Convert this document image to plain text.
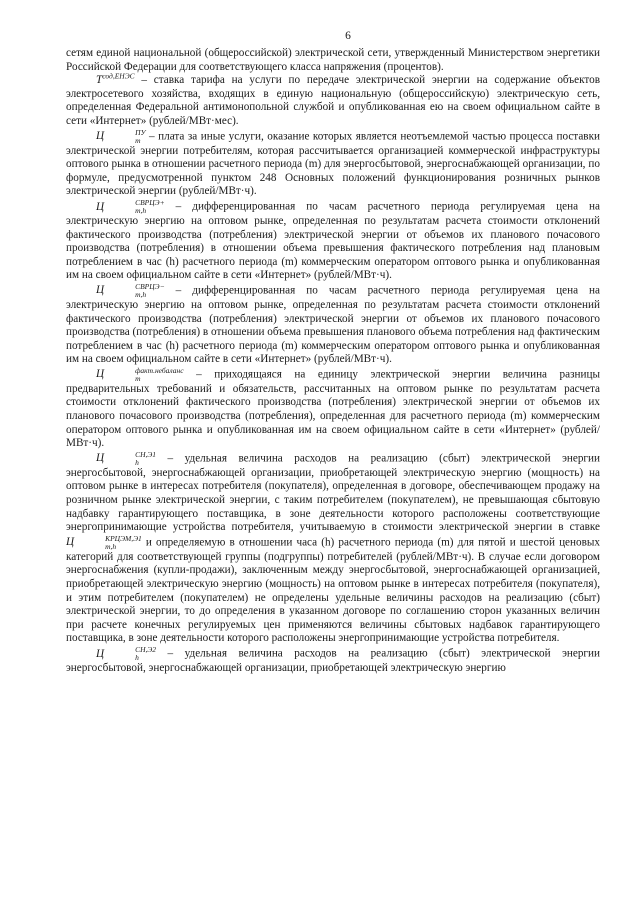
6

сетям единой национальной (общероссийской) электрической сети, утвержденный Министерством энергетики Российской Федерации для соответствующего класса напряжения (процентов).

$Т^{сод,ЕНЭС}$ – ставка тарифа на услуги по передаче электрической энергии на содержание объектов электросетевого хозяйства, входящих в единую национальную (общероссийскую) электрическую сеть, определенная Федеральной антимонопольной службой и опубликованная ею на своем официальном сайте в сети «Интернет» (рублей/МВт·мес).

Ц	ПУ
m – плата за иные услуги, оказание которых является неотъемлемой частью процесса поставки электрической энергии потребителям, которая рассчитывается организацией коммерческой инфраструктуры оптового рынка в отношении расчетного периода (m) для энергосбытовой, энергоснабжающей организации, по формуле, предусмотренной пунктом 248 Основных положений функционирования розничных рынков электрической энергии (рублей/МВт·ч).

Ц	СВРЦЭ+
m,h	– дифференцированная по часам расчетного периода регулируемая цена на электрическую энергию на оптовом рынке, определенная по результатам расчета стоимости отклонений фактического производства (потребления) электрической энергии от объемов их планового почасового производства (потребления) в отношении объема превышения фактического потребления над плановым потреблением в час (h) расчетного периода (m) коммерческим оператором оптового рынка и опубликованная им на своем официальном сайте в сети «Интернет» (рублей/МВт·ч).

Ц	СВРЦЭ−
m,h	– дифференцированная по часам расчетного периода регулируемая цена на электрическую энергию на оптовом рынке, определенная по результатам расчета стоимости отклонений фактического производства (потребления) электрической энергии от объемов их планового почасового производства (потребления) в отношении объема превышения планового объема потребления над фактическим потреблением в час (h) расчетного периода (m) коммерческим оператором оптового рынка и опубликованная им на своем официальном сайте в сети «Интернет» (рублей/МВт·ч).

Ц	факт.небаланс
m	– приходящаяся на единицу электрической энергии величина разницы предварительных требований и обязательств, рассчитанных на оптовом рынке по результатам расчета стоимости отклонений фактического производства (потребления) электрической энергии от объемов их планового почасового производства (потребления), определенная для расчетного периода (m) коммерческим оператором оптового рынка и опубликованная им на своем официальном сайте в сети «Интернет» (рублей/МВт·ч).

Ц	СН,Э1
h	– удельная величина расходов на реализацию (сбыт) электрической энергии энергосбытовой, энергоснабжающей организации, приобретающей электрическую энергию (мощность) на оптовом рынке в интересах потребителя (покупателя), определенная в договоре, обеспечивающем продажу на розничном рынке электрической энергии, с таким потребителем (покупателем), не превышающая сбытовую надбавку гарантирующего поставщика, в зоне деятельности которого расположены соответствующие энергопринимающие устройства потребителя, учитываемую в стоимости электрической энергии в ставке Ц	КРЦЭМ,Э1
m,h	и определяемую в отношении часа (h) расчетного периода (m) для пятой и шестой ценовых категорий для соответствующей группы (подгруппы) потребителей (рублей/МВт·ч). В случае если договором энергоснабжения (купли-продажи), заключенным между энергосбытовой, энергоснабжающей организацией, приобретающей электрическую энергию (мощность) на оптовом рынке в интересах потребителя (покупателя), и этим потребителем (покупателем) не определены удельные величины расходов на реализацию (сбыт) электрической энергии, то до определения в указанном договоре по соглашению сторон указанных величин при расчете конечных регулируемых цен применяются величины сбытовых надбавок гарантирующего поставщика, в зоне деятельности которого расположены энергопринимающие устройства потребителя.

Ц	СН,Э2
h	– удельная величина расходов на реализацию (сбыт) электрической энергии энергосбытовой, энергоснабжающей организации, приобретающей электрическую энергию
